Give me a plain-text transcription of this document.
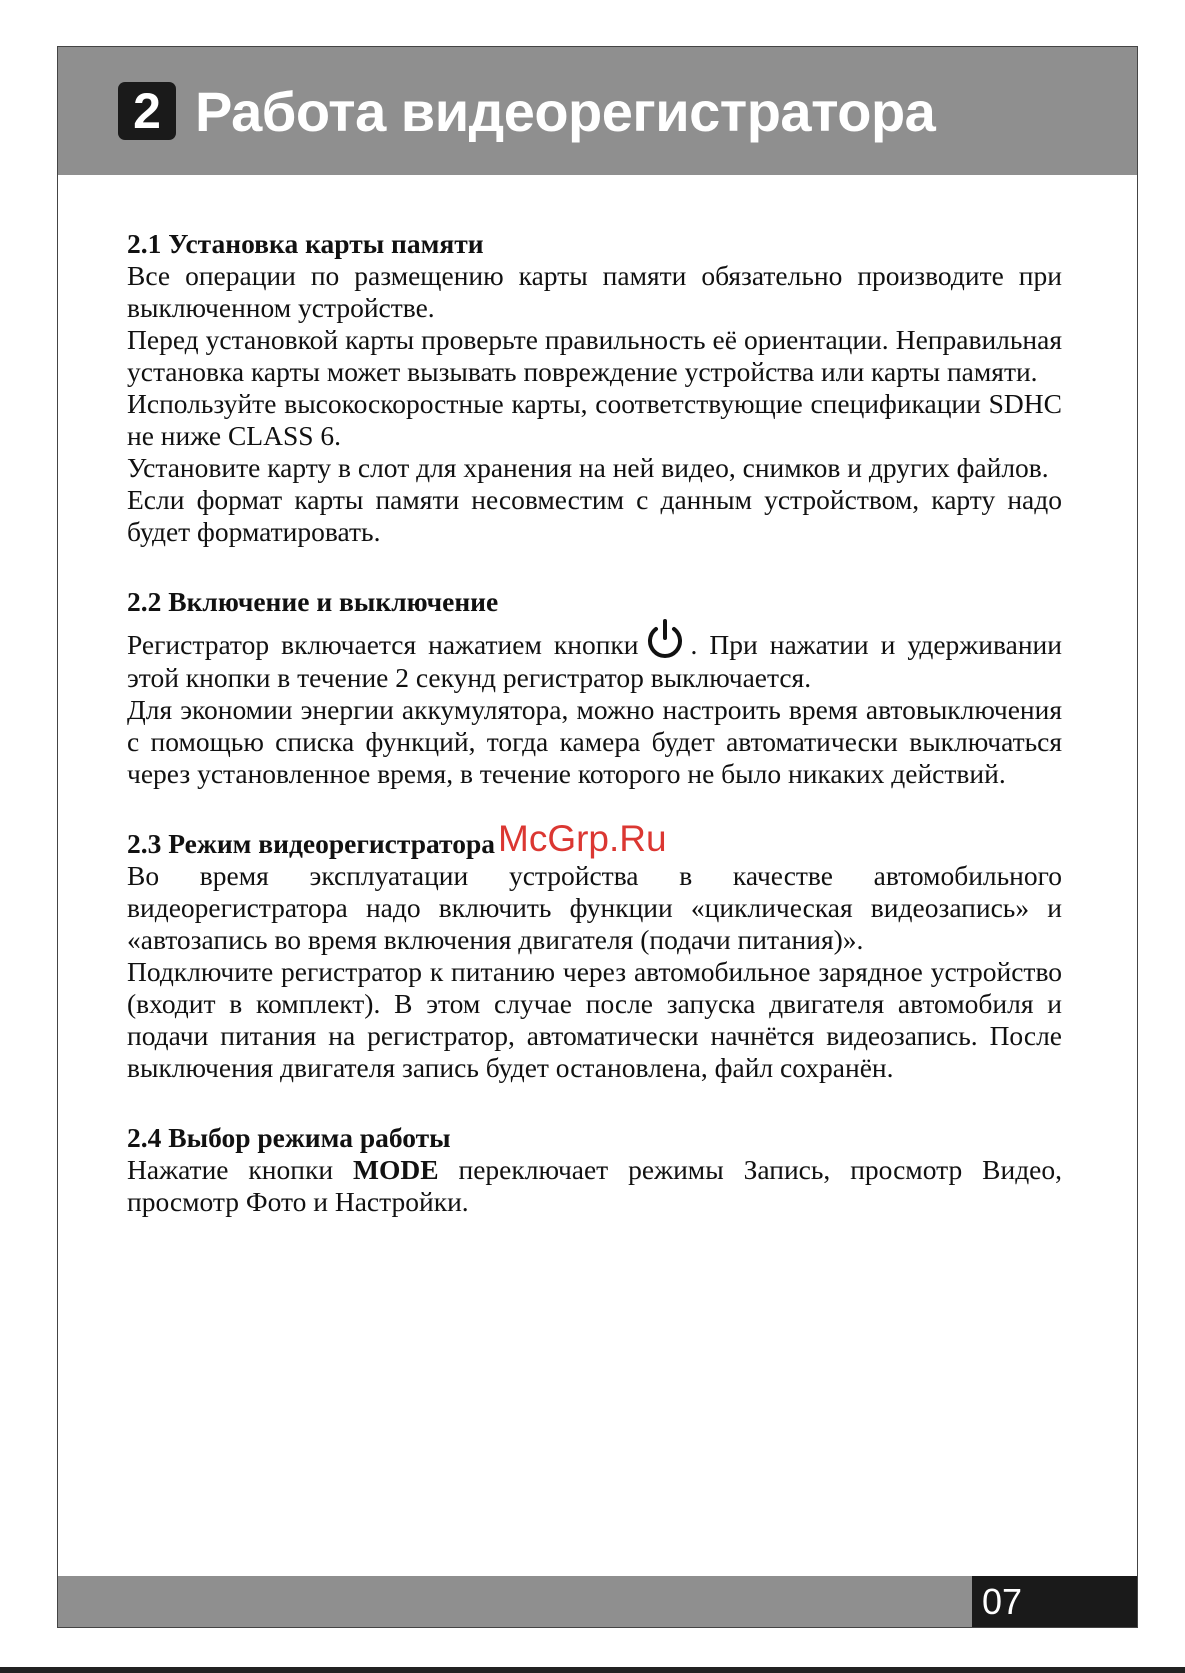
2 Работа видеорегистратора
2.1 Установка карты памяти

Все операции по размещению карты памяти обязательно производите при выключенном устройстве.

Перед установкой карты проверьте правильность её ориентации. Неправильная установка карты может вызывать повреждение устройства или карты памяти.

Используйте высокоскоростные карты, соответствующие спецификации SDHC не ниже CLASS 6.

Установите карту в слот для хранения на ней видео, снимков и других файлов.

Если формат карты памяти несовместим с данным устройством, карту надо будет форматировать.

2.2 Включение и выключение

Регистратор включается нажатием кнопки . При нажатии и удерживании этой кнопки в течение 2 секунд регистратор выключается.

Для экономии энергии аккумулятора, можно настроить время автовыключения с помощью списка функций, тогда камера будет автоматически выключаться через установленное время, в течение которого не было никаких действий.

2.3 Режим видеорегистратора

Во время эксплуатации устройства в качестве автомобильного видеорегистратора надо включить функции «циклическая видеозапись» и «автозапись во время включения двигателя (подачи питания)».

Подключите регистратор к питанию через автомобильное зарядное устройство (входит в комплект). В этом случае после запуска двигателя автомобиля и подачи питания на регистратор, автоматически начнётся видеозапись. После выключения двигателя запись будет остановлена, файл сохранён.

2.4 Выбор режима работы

Нажатие кнопки MODE переключает режимы Запись, просмотр Видео, просмотр Фото и Настройки.

McGrp.Ru
07
